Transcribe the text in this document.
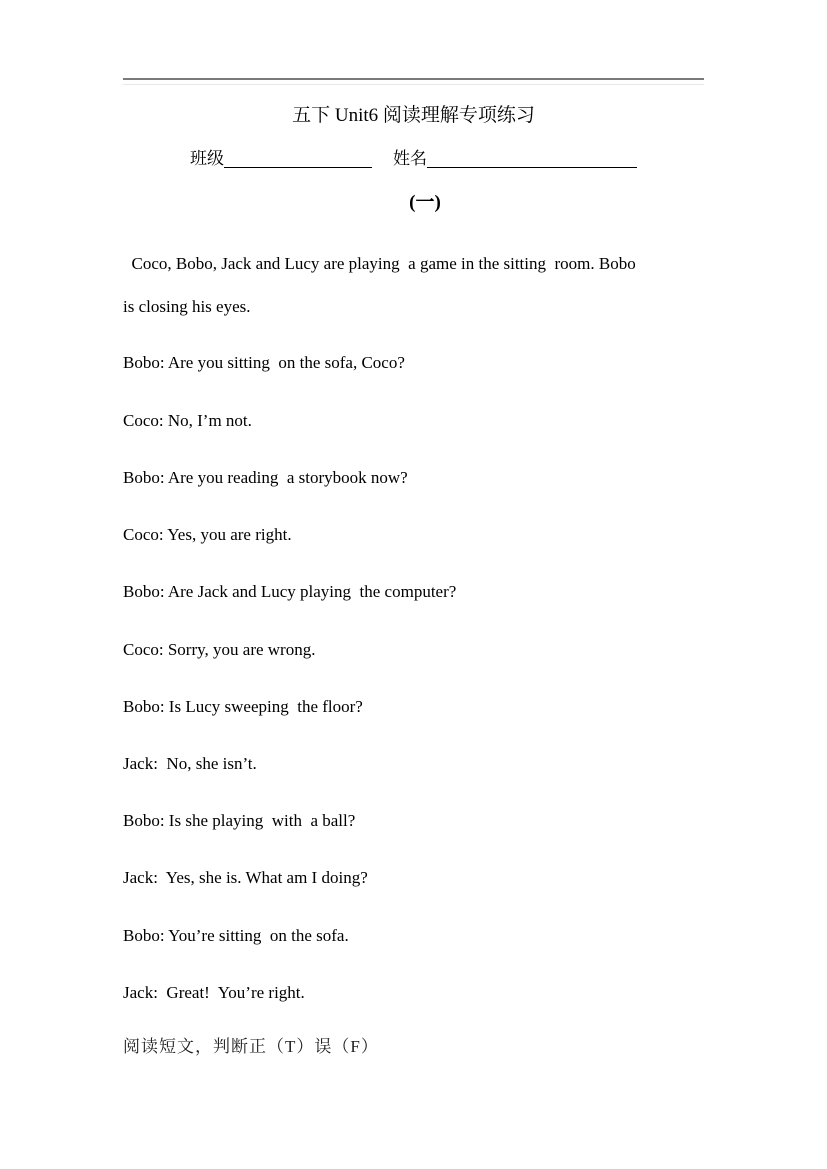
五下 Unit6 阅读理解专项练习
班级	姓名
(一)
Coco, Bobo, Jack and Lucy are playing  a game in the sitting  room. Bobo
is closing his eyes.
Bobo: Are you sitting  on the sofa, Coco?
Coco: No, I’m not.
Bobo: Are you reading  a storybook now?
Coco: Yes, you are right.
Bobo: Are Jack and Lucy playing  the computer?
Coco: Sorry, you are wrong.
Bobo: Is Lucy sweeping  the floor?
Jack:  No, she isn’t.
Bobo: Is she playing  with  a ball?
Jack:  Yes, she is. What am I doing?
Bobo: You’re sitting  on the sofa.
Jack:  Great!  You’re right.
阅读短文，判断正（T）误（F）
